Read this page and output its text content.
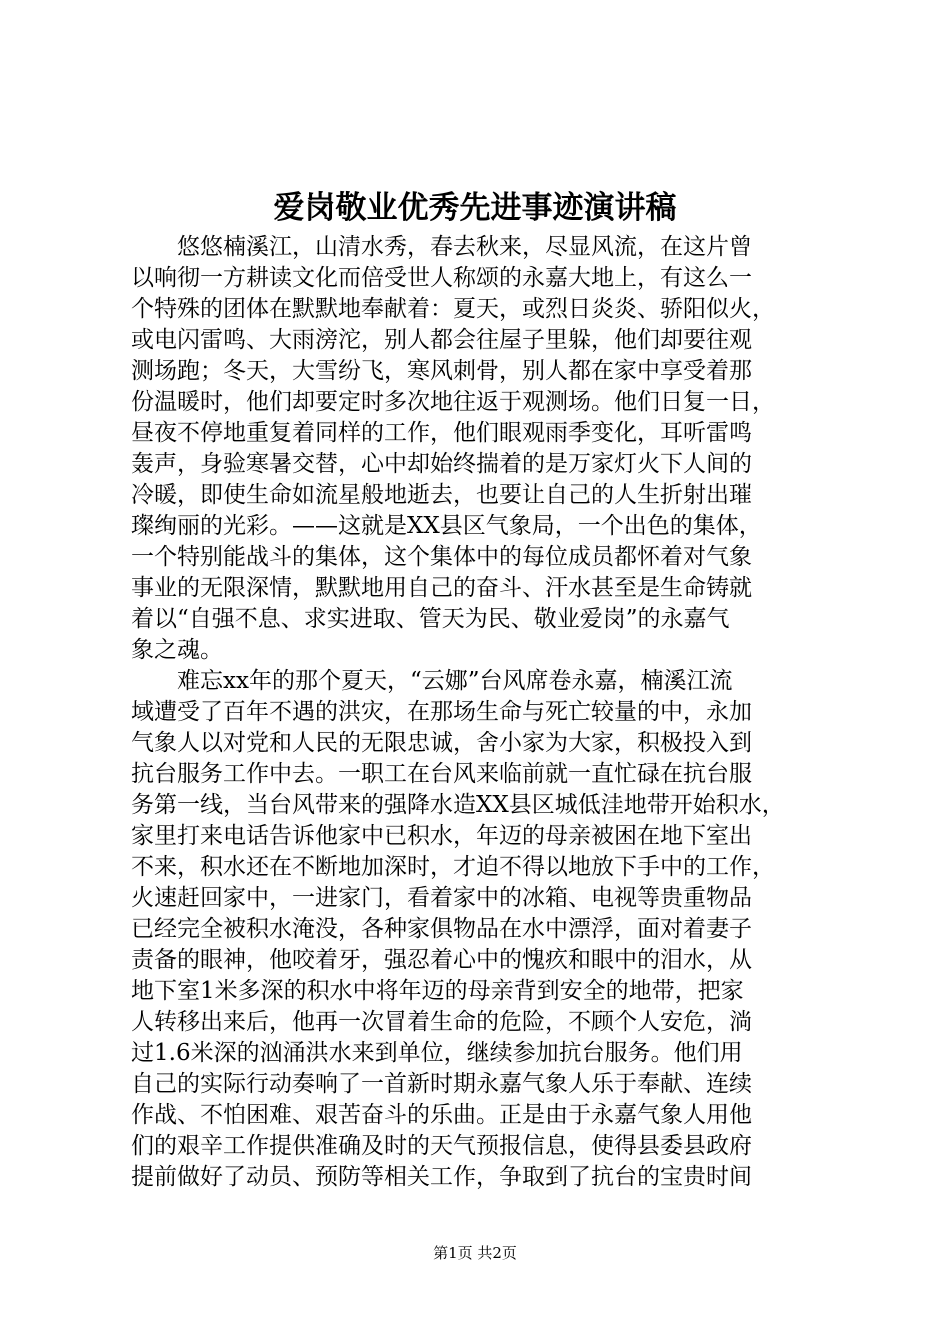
爱岗敬业优秀先进事迹演讲稿
　　悠悠楠溪江，山清水秀，春去秋来，尽显风流，在这片曾
以响彻一方耕读文化而倍受世人称颂的永嘉大地上，有这么一
个特殊的团体在默默地奉献着：夏天，或烈日炎炎、骄阳似火，
或电闪雷鸣、大雨滂沱，别人都会往屋子里躲，他们却要往观
测场跑；冬天，大雪纷飞，寒风刺骨，别人都在家中享受着那
份温暖时，他们却要定时多次地往返于观测场。他们日复一日，
昼夜不停地重复着同样的工作，他们眼观雨季变化，耳听雷鸣
轰声，身验寒暑交替，心中却始终揣着的是万家灯火下人间的
冷暖，即使生命如流星般地逝去，也要让自己的人生折射出璀
璨绚丽的光彩。——这就是XX县区气象局，一个出色的集体，
一个特别能战斗的集体，这个集体中的每位成员都怀着对气象
事业的无限深情，默默地用自己的奋斗、汗水甚至是生命铸就
着以“自强不息、求实进取、管天为民、敬业爱岗”的永嘉气
象之魂。
　　难忘xx年的那个夏天，“云娜”台风席卷永嘉，楠溪江流
域遭受了百年不遇的洪灾，在那场生命与死亡较量的中，永加
气象人以对党和人民的无限忠诚，舍小家为大家，积极投入到
抗台服务工作中去。一职工在台风来临前就一直忙碌在抗台服
务第一线，当台风带来的强降水造XX县区城低洼地带开始积水，
家里打来电话告诉他家中已积水，年迈的母亲被困在地下室出
不来，积水还在不断地加深时，才迫不得以地放下手中的工作，
火速赶回家中，一进家门，看着家中的冰箱、电视等贵重物品
已经完全被积水淹没，各种家俱物品在水中漂浮，面对着妻子
责备的眼神，他咬着牙，强忍着心中的愧疚和眼中的泪水，从
地下室1米多深的积水中将年迈的母亲背到安全的地带，把家
人转移出来后，他再一次冒着生命的危险，不顾个人安危，淌
过1.6米深的汹涌洪水来到单位，继续参加抗台服务。他们用
自己的实际行动奏响了一首新时期永嘉气象人乐于奉献、连续
作战、不怕困难、艰苦奋斗的乐曲。正是由于永嘉气象人用他
们的艰辛工作提供准确及时的天气预报信息，使得县委县政府
提前做好了动员、预防等相关工作，争取到了抗台的宝贵时间
第1页 共2页
